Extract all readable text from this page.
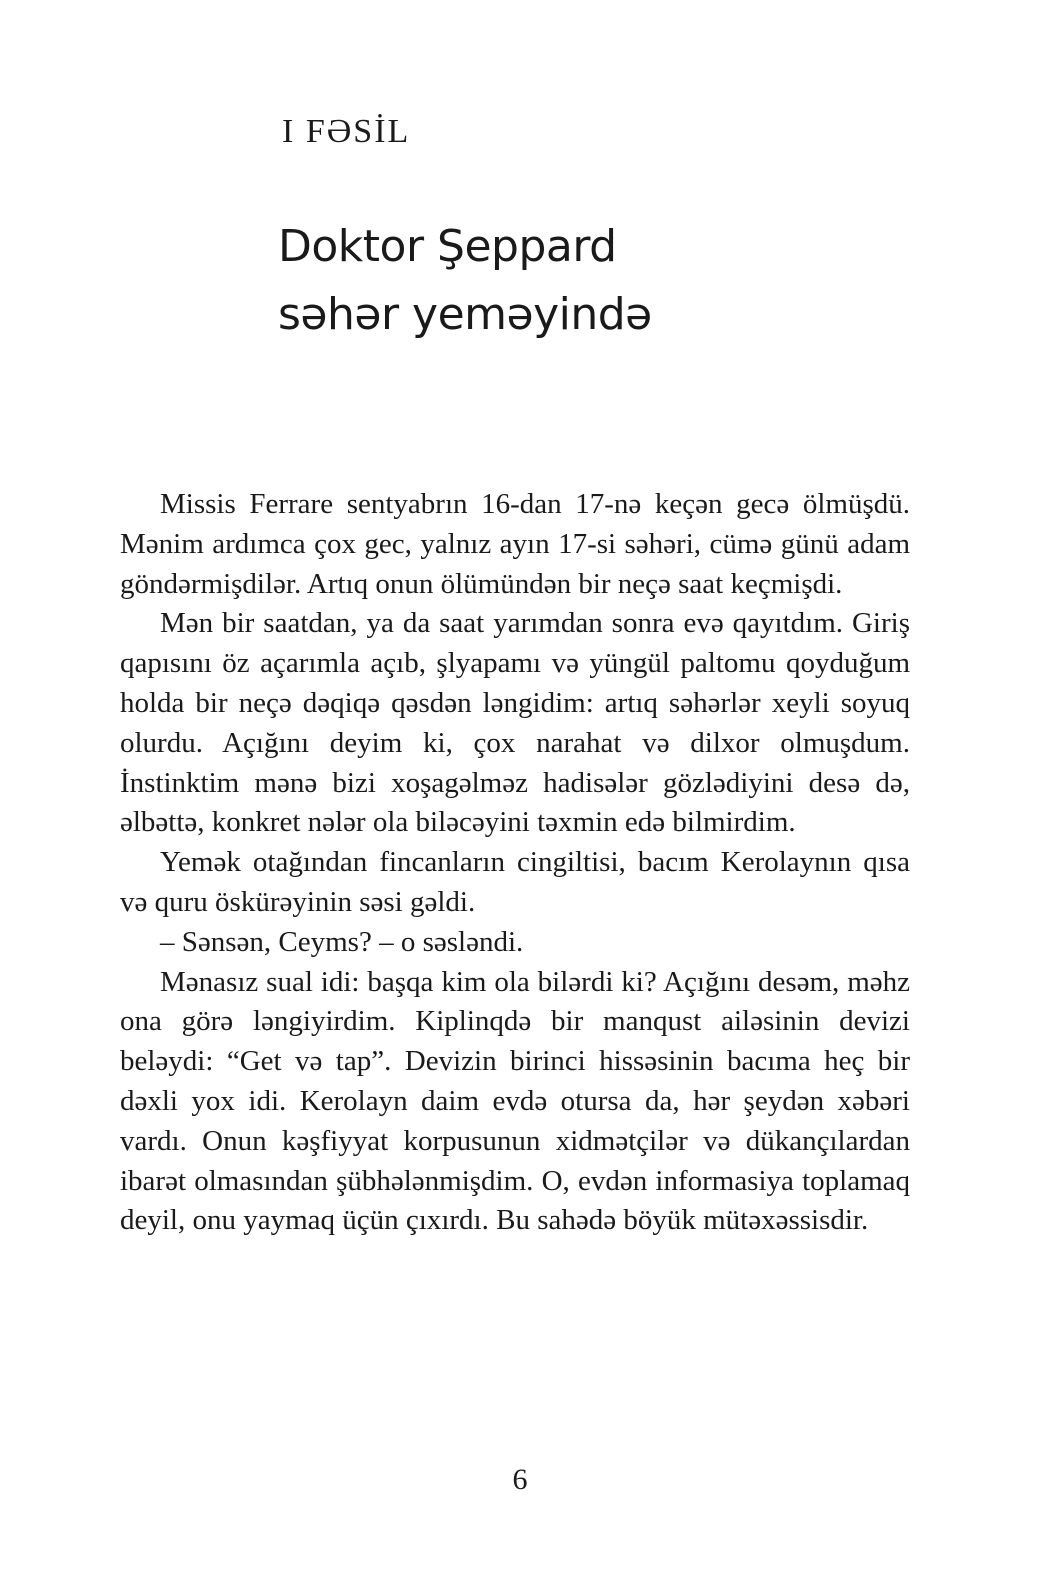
I FƏSİL
Doktor Şeppard
səhər yeməyində

Missis Ferrare sentyabrın 16-dan 17-nə keçən gecə ölmüşdü. Mənim ardımca çox gec, yalnız ayın 17-si səhəri, cümə günü adam göndərmişdilər. Artıq onun ölümündən bir neçə saat keçmişdi.

Mən bir saatdan, ya da saat yarımdan sonra evə qayıtdım. Giriş qapısını öz açarımla açıb, şlyapamı və yüngül paltomu qoyduğum holda bir neçə dəqiqə qəsdən ləngidim: artıq səhərlər xeyli soyuq olurdu. Açığını deyim ki, çox narahat və dilxor olmuşdum. İnstinktim mənə bizi xoşagəlməz hadisələr gözlədiyini desə də, əlbəttə, konkret nələr ola biləcəyini təxmin edə bilmirdim.

Yemək otağından fincanların cingiltisi, bacım Kerolaynın qısa və quru öskürəyinin səsi gəldi.

– Sənsən, Ceyms? – o səsləndi.

Mənasız sual idi: başqa kim ola bilərdi ki? Açığını desəm, məhz ona görə ləngiyirdim. Kiplinqdə bir manqust ailəsinin devizi beləydi: “Get və tap”. Devizin birinci hissəsinin bacıma heç bir dəxli yox idi. Kerolayn daim evdə otursa da, hər şeydən xəbəri vardı. Onun kəşfiyyat korpusunun xidmətçilər və dükançılardan ibarət olmasından şübhələnmişdim. O, evdən informasiya toplamaq deyil, onu yaymaq üçün çıxırdı. Bu sahədə böyük mütəxəssisdir.

6
